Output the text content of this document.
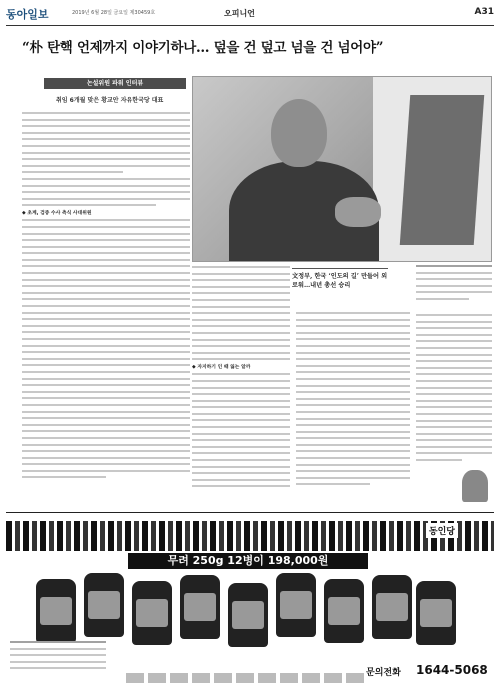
동아일보	2019년 6월 28일 금요일 제30459호	오피니언	A31
“朴 탄핵 언제까지 이야기하나… 덮을 건 덮고 넘을 건 넘어야”
논설위원 파워 인터뷰
취임 6개월 맞은 황교안 자유한국당 대표
◆ 초계, 검증 수사 측식 사대위원
◆ 자지하기 인 때 잃는 알까
文정부, 한국 ‘인도의 길’ 만들어 외로워…내년 총선 승리
동인당
무려 250g 12병이 198,000원
문의전화 1644-5068
